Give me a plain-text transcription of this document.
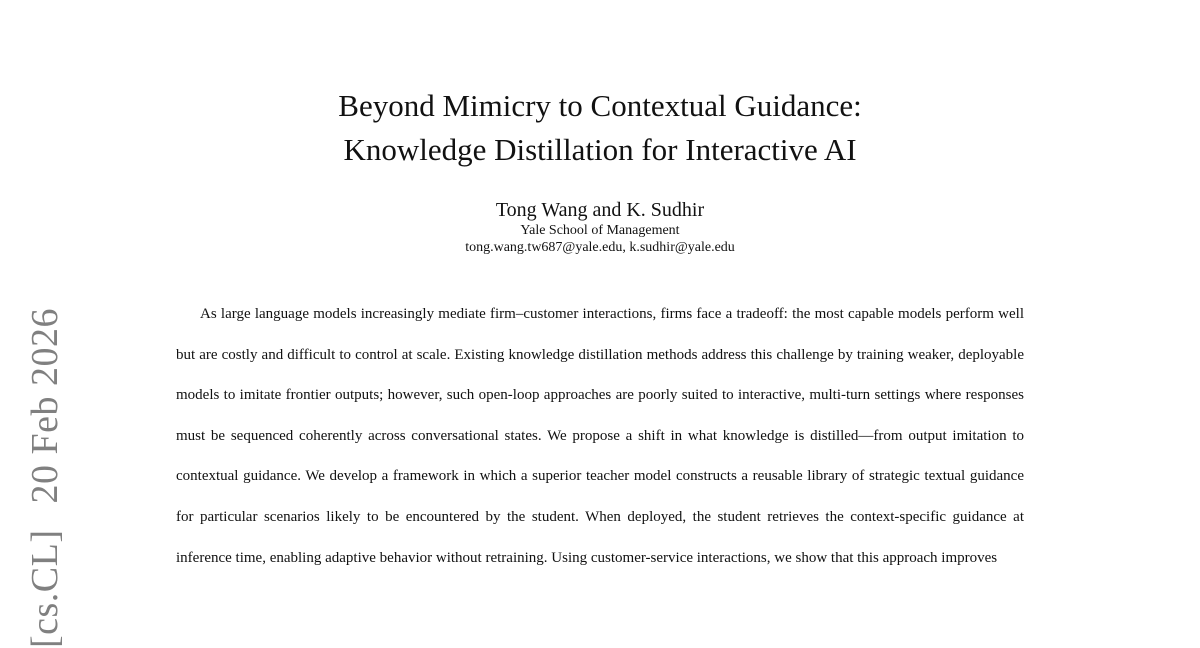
[cs.CL]20 Feb 2026
Beyond Mimicry to Contextual Guidance:
Knowledge Distillation for Interactive AI
Tong Wang and K. Sudhir
Yale School of Management
tong.wang.tw687@yale.edu, k.sudhir@yale.edu

As large language models increasingly mediate firm–customer interactions, firms face a tradeoff: the most capable models perform well but are costly and difficult to control at scale. Existing knowledge distillation methods address this challenge by training weaker, deployable models to imitate frontier outputs; however, such open-loop approaches are poorly suited to interactive, multi-turn settings where responses must be sequenced coherently across conversational states. We propose a shift in what knowledge is distilled—from output imitation to contextual guidance. We develop a framework in which a superior teacher model constructs a reusable library of strategic textual guidance for particular scenarios likely to be encountered by the student. When deployed, the student retrieves the context-specific guidance at inference time, enabling adaptive behavior without retraining. Using customer-service interactions, we show that this approach improves
